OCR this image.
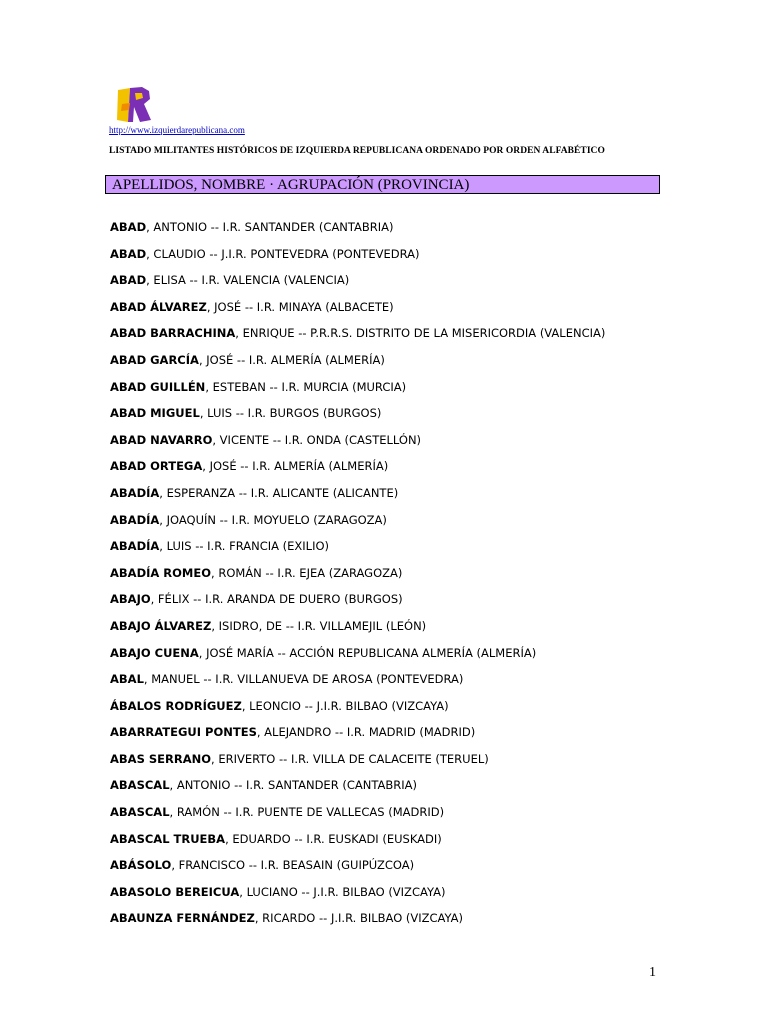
http://www.izquierdarepublicana.com
LISTADO MILITANTES HISTÓRICOS DE IZQUIERDA REPUBLICANA ORDENADO POR ORDEN ALFABÉTICO
APELLIDOS, NOMBRE · AGRUPACIÓN (PROVINCIA)
ABAD, ANTONIO -- I.R. SANTANDER (CANTABRIA)
ABAD, CLAUDIO -- J.I.R. PONTEVEDRA (PONTEVEDRA)
ABAD, ELISA -- I.R. VALENCIA (VALENCIA)
ABAD ÁLVAREZ, JOSÉ -- I.R. MINAYA (ALBACETE)
ABAD BARRACHINA, ENRIQUE -- P.R.R.S. DISTRITO DE LA MISERICORDIA (VALENCIA)
ABAD GARCÍA, JOSÉ -- I.R. ALMERÍA (ALMERÍA)
ABAD GUILLÉN, ESTEBAN -- I.R. MURCIA (MURCIA)
ABAD MIGUEL, LUIS -- I.R. BURGOS (BURGOS)
ABAD NAVARRO, VICENTE -- I.R. ONDA (CASTELLÓN)
ABAD ORTEGA, JOSÉ -- I.R. ALMERÍA (ALMERÍA)
ABADÍA, ESPERANZA -- I.R. ALICANTE (ALICANTE)
ABADÍA, JOAQUÍN -- I.R. MOYUELO (ZARAGOZA)
ABADÍA, LUIS -- I.R. FRANCIA (EXILIO)
ABADÍA ROMEO, ROMÁN -- I.R. EJEA (ZARAGOZA)
ABAJO, FÉLIX -- I.R. ARANDA DE DUERO (BURGOS)
ABAJO ÁLVAREZ, ISIDRO, DE -- I.R. VILLAMEJIL (LEÓN)
ABAJO CUENA, JOSÉ MARÍA -- ACCIÓN REPUBLICANA ALMERÍA (ALMERÍA)
ABAL, MANUEL -- I.R. VILLANUEVA DE AROSA (PONTEVEDRA)
ÁBALOS RODRÍGUEZ, LEONCIO -- J.I.R. BILBAO (VIZCAYA)
ABARRATEGUI PONTES, ALEJANDRO -- I.R. MADRID (MADRID)
ABAS SERRANO, ERIVERTO -- I.R. VILLA DE CALACEITE (TERUEL)
ABASCAL, ANTONIO -- I.R. SANTANDER (CANTABRIA)
ABASCAL, RAMÓN -- I.R. PUENTE DE VALLECAS (MADRID)
ABASCAL TRUEBA, EDUARDO -- I.R. EUSKADI (EUSKADI)
ABÁSOLO, FRANCISCO -- I.R. BEASAIN (GUIPÚZCOA)
ABASOLO BEREICUA, LUCIANO -- J.I.R. BILBAO (VIZCAYA)
ABAUNZA FERNÁNDEZ, RICARDO -- J.I.R. BILBAO (VIZCAYA)
1
